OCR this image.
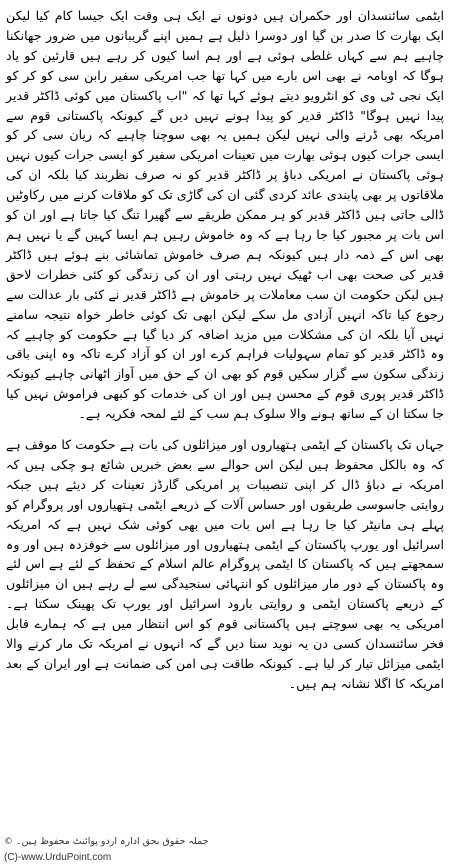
ایٹمی سائنسدان اور حکمران ہیں دونوں نے ایک ہی وقت ایک جیسا کام کیا لیکن ایک بھارت کا صدر بن گیا اور دوسرا ذلیل ہے ہمیں اپنے گریبانوں میں ضرور جھانکنا چاہیے ہم سے کہاں غلطی ہوئی ہے اور ہم اسا کیوں کر رہے ہیں قارئین کو یاد ہوگا کہ اوبامہ نے بھی اس بارے میں کہا تھا جب امریکی سفیر رابن سی کو کر کو ایک نجی ٹی وی کو انٹرویو دیتے ہوئے کہا تھا کہ "اب پاکستان میں کوئی ڈاکٹر قدیر پیدا نہیں ہوگا" ڈاکٹر قدیر کو پیدا ہونے نہیں دیں گے کیونکہ پاکستانی قوم سے امریکہ بھی ڈرنے والی نہیں لیکن ہمیں یہ بھی سوچنا چاہیے کہ ریان سی کر کو ایسی جرات کیوں ہوئی بھارت میں تعینات امریکی سفیر کو ایسی جرات کیوں نہیں ہوئی پاکستان نے امریکی دباؤ پر ڈاکٹر قدیر کو نہ صرف نظربند کیا بلکہ ان کی ملاقاتوں پر بھی پابندی عائد کردی گئی ان کی گاڑی تک کو ملاقات کرنے میں رکاوٹیں ڈالی جاتی ہیں ڈاکٹر قدیر کو ہر ممکن طریقے سے گھیرا تنگ کیا جاتا ہے اور ان کو اس بات پر مجبور کیا جا رہا ہے کہ وہ خاموش رہیں ہم ایسا کہیں گے یا نہیں ہم بھی اس کے ذمہ دار ہیں کیونکہ ہم صرف خاموش تماشائی بنے ہوئے ہیں ڈاکٹر قدیر کی صحت بھی اب ٹھیک نہیں رہتی اور ان کی زندگی کو کئی خطرات لاحق ہیں لیکن حکومت ان سب معاملات پر خاموش ہے ڈاکٹر قدیر نے کئی بار عدالت سے رجوع کیا تاکہ انہیں آزادی مل سکے لیکن ابھی تک کوئی خاطر خواہ نتیجہ سامنے نہیں آیا بلکہ ان کی مشکلات میں مزید اضافہ کر دیا گیا ہے حکومت کو چاہیے کہ وہ ڈاکٹر قدیر کو تمام سہولیات فراہم کرے اور ان کو آزاد کرے تاکہ وہ اپنی باقی زندگی سکون سے گزار سکیں قوم کو بھی ان کے حق میں آواز اٹھانی چاہیے کیونکہ ڈاکٹر قدیر پوری قوم کے محسن ہیں اور ان کی خدمات کو کبھی فراموش نہیں کیا جا سکتا ان کے ساتھ ہونے والا سلوک ہم سب کے لئے لمحہ فکریہ ہے۔

جہاں تک پاکستان کے ایٹمی ہتھیاروں اور میزائلوں کی بات ہے حکومت کا موقف ہے کہ وہ بالکل محفوظ ہیں لیکن اس حوالے سے بعض خبریں شائع ہو چکی ہیں کہ امریکہ نے دباؤ ڈال کر اپنی تنصیبات پر امریکی گارڈز تعینات کر دیئے ہیں جبکہ روایتی جاسوسی طریقوں اور حساس آلات کے ذریعے ایٹمی ہتھیاروں اور پروگرام کو پہلے ہی مانیٹر کیا جا رہا ہے اس بات میں بھی کوئی شک نہیں ہے کہ امریکہ اسرائیل اور یورپ پاکستان کے ایٹمی ہتھیاروں اور میزائلوں سے خوفزدہ ہیں اور وہ سمجھتے ہیں کہ پاکستان کا ایٹمی پروگرام عالم اسلام کے تحفظ کے لئے ہے اس لئے وہ پاکستان کے دور مار میزائلوں کو انتہائی سنجیدگی سے لے رہے ہیں ان میزائلوں کے ذریعے پاکستان ایٹمی و روایتی بارود اسرائیل اور یورپ تک پھینک سکتا ہے۔ امریکی یہ بھی سوچتے ہیں پاکستانی قوم کو اس انتظار میں ہے کہ ہمارے قابل فخر سائنسدان کسی دن یہ نوید سنا دیں گے کہ انہوں نے امریکہ تک مار کرنے والا ایٹمی میزائل تیار کر لیا ہے۔ کیونکہ طاقت ہی امن کی ضمانت ہے اور ایران کے بعد امریکہ کا اگلا نشانہ ہم ہیں۔

© جملہ حقوق بحق ادارہ اردو پوائنٹ محفوظ ہیں۔
(C)-www.UrduPoint.com
